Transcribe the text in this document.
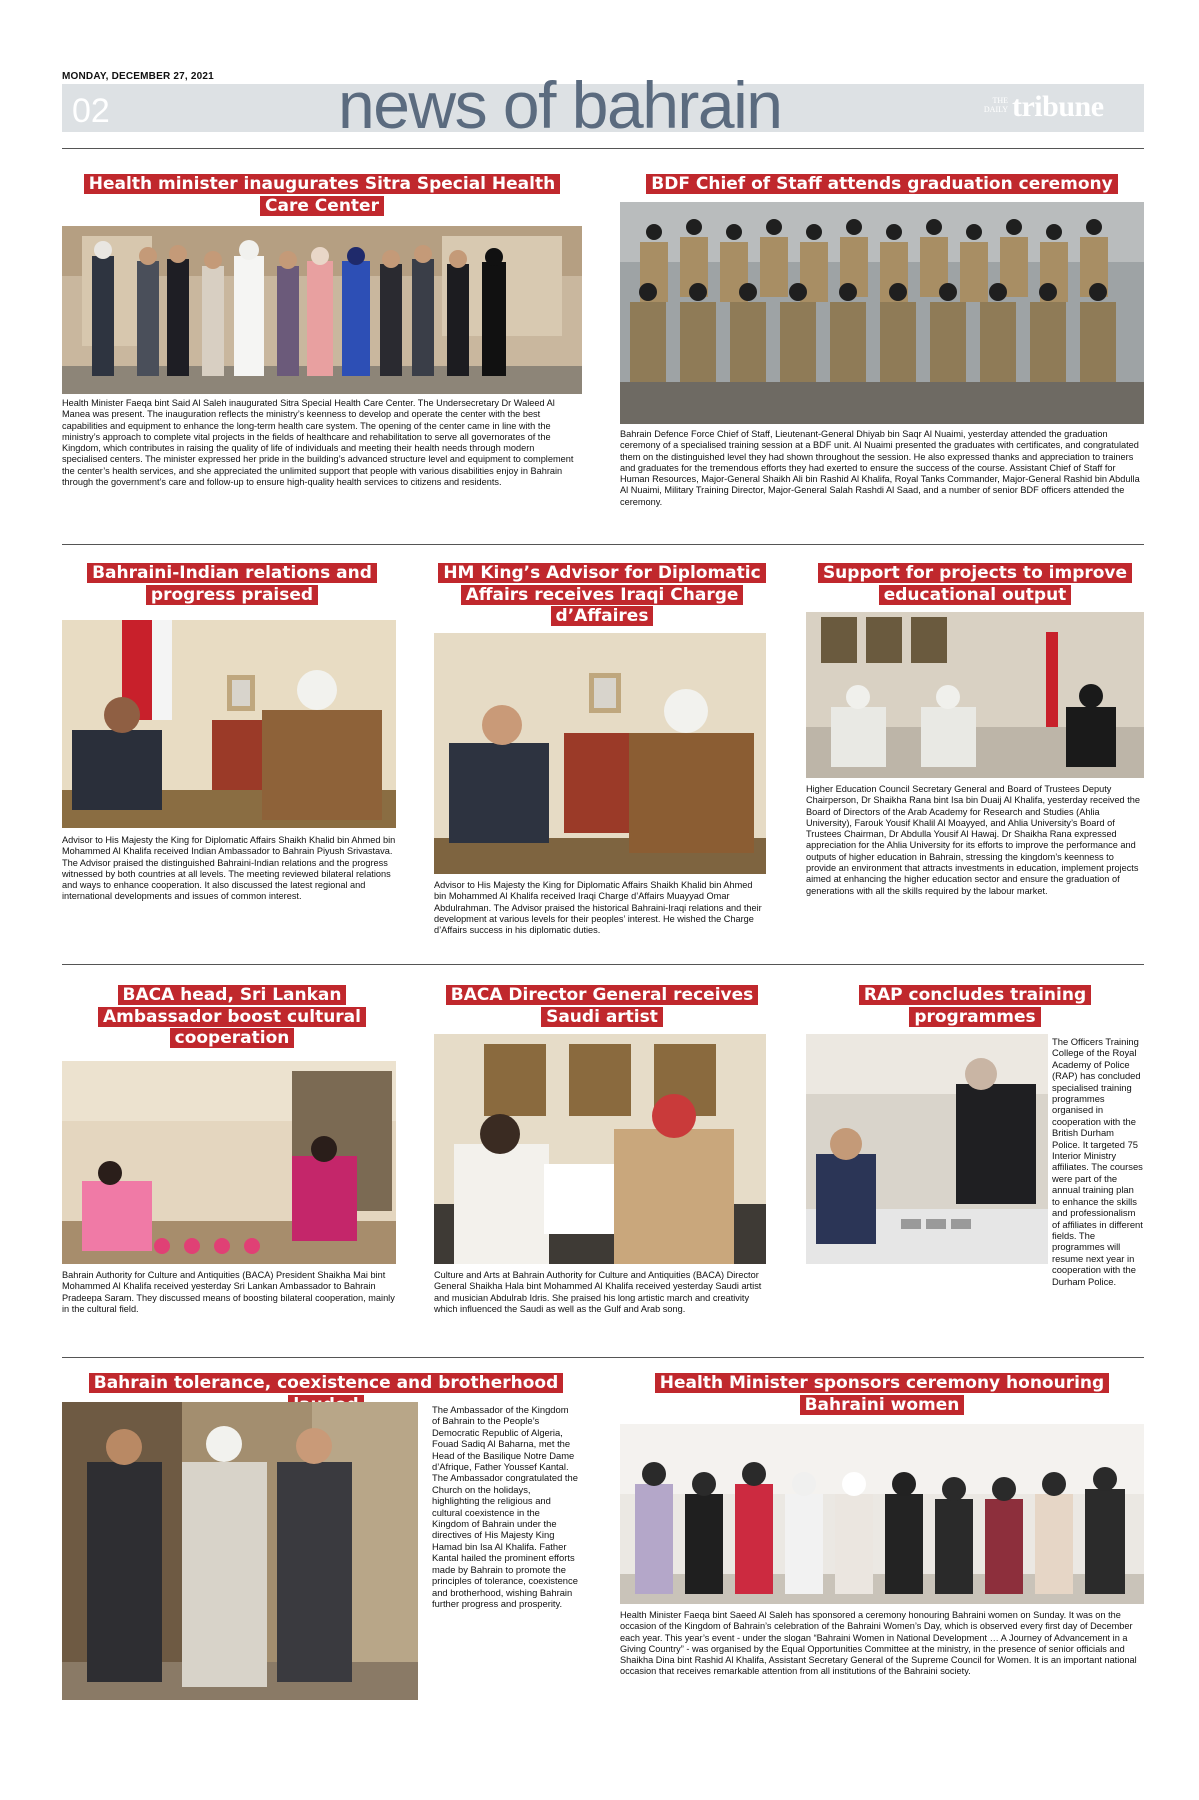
MONDAY, DECEMBER 27, 2021
02	news of bahrain	THE DAILY tribune
Health minister inaugurates Sitra Special Health Care Center
Health Minister Faeqa bint Said Al Saleh inaugurated Sitra Special Health Care Center. The Undersecretary Dr Waleed Al Manea was present. The inauguration reflects the ministry’s keenness to develop and operate the center with the best capabilities and equipment to enhance the long-term health care system. The opening of the center came in line with the ministry’s approach to complete vital projects in the fields of healthcare and rehabilitation to serve all governorates of the Kingdom, which contributes in raising the quality of life of individuals and meeting their health needs through modern specialised centers. The minister expressed her pride in the building’s advanced structure level and equipment to complement the center’s health services, and she appreciated the unlimited support that people with various disabilities enjoy in Bahrain through the government’s care and follow-up to ensure high-quality health services to citizens and residents.
BDF Chief of Staff attends graduation ceremony
Bahrain Defence Force Chief of Staff, Lieutenant-General Dhiyab bin Saqr Al Nuaimi, yesterday attended the graduation ceremony of a specialised training session at a BDF unit. Al Nuaimi presented the graduates with certificates, and congratulated them on the distinguished level they had shown throughout the session. He also expressed thanks and appreciation to trainers and graduates for the tremendous efforts they had exerted to ensure the success of the course. Assistant Chief of Staff for Human Resources, Major-General Shaikh Ali bin Rashid Al Khalifa, Royal Tanks Commander, Major-General Rashid bin Abdulla Al Nuaimi, Military Training Director, Major-General Salah Rashdi Al Saad, and a number of senior BDF officers attended the ceremony.
Bahraini-Indian relations and progress praised
Advisor to His Majesty the King for Diplomatic Affairs Shaikh Khalid bin Ahmed bin Mohammed Al Khalifa received Indian Ambassador to Bahrain Piyush Srivastava. The Advisor praised the distinguished Bahraini-Indian relations and the progress witnessed by both countries at all levels. The meeting reviewed bilateral relations and ways to enhance cooperation. It also discussed the latest regional and international developments and issues of common interest.
HM King’s Advisor for Diplomatic Affairs receives Iraqi Charge d’Affaires
Advisor to His Majesty the King for Diplomatic Affairs Shaikh Khalid bin Ahmed bin Mohammed Al Khalifa received Iraqi Charge d’Affairs Muayyad Omar Abdulrahman. The Advisor praised the historical Bahraini-Iraqi relations and their development at various levels for their peoples’ interest. He wished the Charge d’Affairs success in his diplomatic duties.
Support for projects to improve educational output
Higher Education Council Secretary General and Board of Trustees Deputy Chairperson, Dr Shaikha Rana bint Isa bin Duaij Al Khalifa, yesterday received the Board of Directors of the Arab Academy for Research and Studies (Ahlia University), Farouk Yousif Khalil Al Moayyed, and Ahlia University’s Board of Trustees Chairman, Dr Abdulla Yousif Al Hawaj. Dr Shaikha Rana expressed appreciation for the Ahlia University for its efforts to improve the performance and outputs of higher education in Bahrain, stressing the kingdom’s keenness to provide an environment that attracts investments in education, implement projects aimed at enhancing the higher education sector and ensure the graduation of generations with all the skills required by the labour market.
BACA head, Sri Lankan Ambassador boost cultural cooperation
Bahrain Authority for Culture and Antiquities (BACA) President Shaikha Mai bint Mohammed Al Khalifa received yesterday Sri Lankan Ambassador to Bahrain Pradeepa Saram. They discussed means of boosting bilateral cooperation, mainly in the cultural field.
BACA Director General receives Saudi artist
Culture and Arts at Bahrain Authority for Culture and Antiquities (BACA) Director General Shaikha Hala bint Mohammed Al Khalifa received yesterday Saudi artist and musician Abdulrab Idris. She praised his long artistic march and creativity which influenced the Saudi as well as the Gulf and Arab song.
RAP concludes training programmes
The Officers Training College of the Royal Academy of Police (RAP) has concluded specialised training programmes organised in cooperation with the British Durham Police. It targeted 75 Interior Ministry affiliates. The courses were part of the annual training plan to enhance the skills and professionalism of affiliates in different fields. The programmes will resume next year in cooperation with the Durham Police.
Bahrain tolerance, coexistence and brotherhood
The Ambassador of the Kingdom of Bahrain to the People’s Democratic Republic of Algeria, Fouad Sadiq Al Baharna, met the Head of the Basilique Notre Dame d’Afrique, Father Youssef Kantal. The Ambassador congratulated the Church on the holidays, highlighting the religious and cultural coexistence in the Kingdom of Bahrain under the directives of His Majesty King Hamad bin Isa Al Khalifa. Father Kantal hailed the prominent efforts made by Bahrain to promote the principles of tolerance, coexistence and brotherhood, wishing Bahrain further progress and prosperity.
Health Minister sponsors ceremony honouring Bahraini women
Health Minister Faeqa bint Saeed Al Saleh has sponsored a ceremony honouring Bahraini women on Sunday. It was on the occasion of the Kingdom of Bahrain’s celebration of the Bahraini Women’s Day, which is observed every first day of December each year. This year’s event - under the slogan “Bahraini Women in National Development … A Journey of Advancement in a Giving Country” - was organised by the Equal Opportunities Committee at the ministry, in the presence of senior officials and Shaikha Dina bint Rashid Al Khalifa, Assistant Secretary General of the Supreme Council for Women. It is an important national occasion that receives remarkable attention from all institutions of the Bahraini society.
